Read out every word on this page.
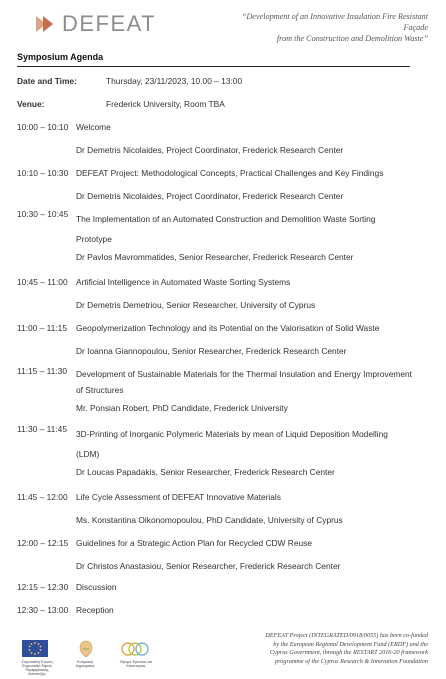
DEFEAT	“Development of an Innovative Insulation Fire Resistant Façade
from the Construction and Demolition Waste”
Symposium Agenda
Date and Time:	Thursday, 23/11/2023, 10.00 – 13:00
Venue:	Frederick University, Room TBA
10:00 – 10:10 Welcome
Dr Demetris Nicolaides, Project Coordinator, Frederick Research Center
10:10 – 10:30 DEFEAT Project: Methodological Concepts, Practical Challenges and Key Findings
Dr Demetris Nicolaides, Project Coordinator, Frederick Research Center
10:30 – 10:45 The Implementation of an Automated Construction and Demolition Waste Sorting Prototype
Dr Pavlos Mavrommatides, Senior Researcher, Frederick Research Center
10:45 – 11:00 Artificial Intelligence in Automated Waste Sorting Systems
Dr Demetris Demetriou, Senior Researcher, University of Cyprus
11:00 – 11:15 Geopolymerization Technology and its Potential on the Valorisation of Solid Waste
Dr Ioanna Giannopoulou, Senior Researcher, Frederick Research Center
11:15 – 11:30 Development of Sustainable Materials for the Thermal Insulation and Energy Improvement of Structures
Mr. Ponsian Robert, PhD Candidate, Frederick University
11:30 – 11:45 3D-Printing of Inorganic Polymeric Materials by mean of Liquid Deposition Modelling (LDM)
Dr Loucas Papadakis, Senior Researcher, Frederick Research Center
11:45 – 12:00 Life Cycle Assessment of DEFEAT Innovative Materials
Ms. Konstantina Oikonomopoulou, PhD Candidate, University of Cyprus
12:00 – 12:15 Guidelines for a Strategic Action Plan for Recycled CDW Reuse
Dr Christos Anastasiou, Senior Researcher, Frederick Research Center
12:15 – 12:30 Discussion
12:30 – 13:00 Reception
Ευρωπαϊκή Ένωση Ευρωπαϊκό Ταμείο Περιφερειακής Ανάπτυξης
Κυπριακή Δημοκρατία
Ίδρυμα Έρευνας και Καινοτομίας
DEFEAT Project (INTEGRATED/0918/0055) has been co-funded
by the European Regional Development Fund (ERDF) and the
Cyprus Government, through the RESTART 2016-20 framework
programme of the Cyprus Research & Innovation Foundation
